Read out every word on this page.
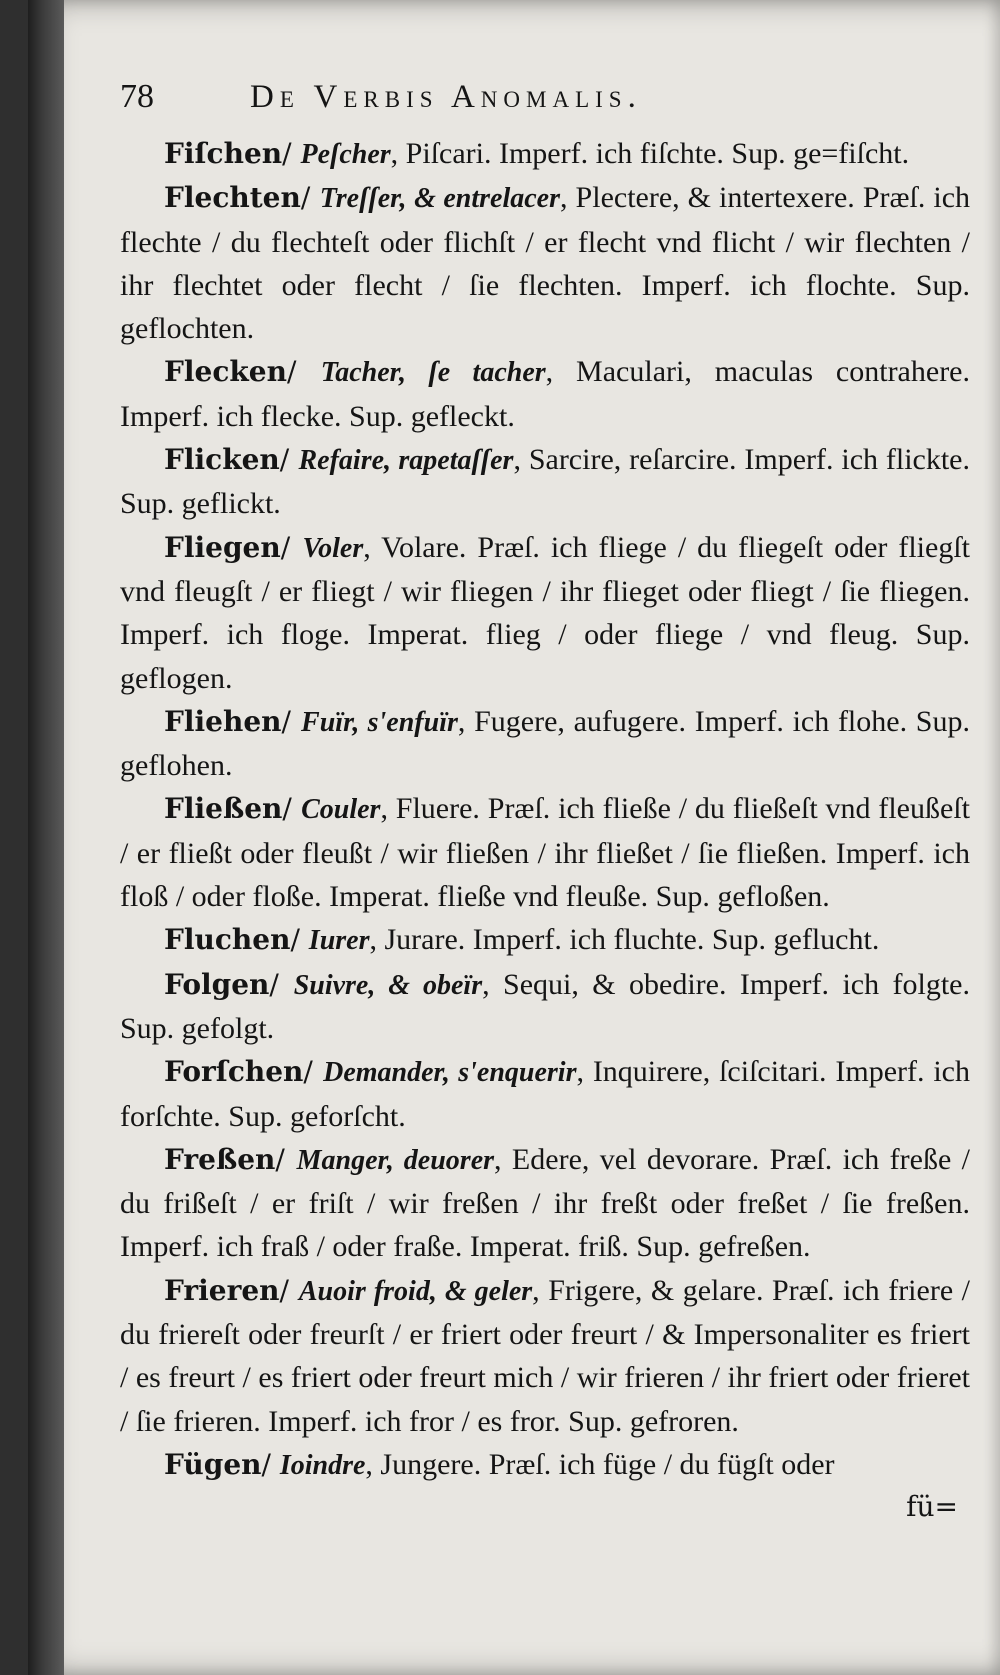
78	De Verbis Anomalis.

Fiſchen/ Peſcher, Piſcari. Imperf. ich fiſchte. Sup. ge=fiſcht.

Flechten/ Treſſer, & entrelacer, Plectere, & intertexere. Præſ. ich flechte / du flechteſt oder flichſt / er flecht vnd flicht / wir flechten / ihr flechtet oder flecht / ſie flechten. Imperf. ich flochte. Sup. geflochten.

Flecken/ Tacher, ſe tacher, Maculari, maculas contrahere. Imperf. ich flecke. Sup. gefleckt.

Flicken/ Refaire, rapetaſſer, Sarcire, reſarcire. Imperf. ich flickte. Sup. geflickt.

Fliegen/ Voler, Volare. Præſ. ich fliege / du fliegeſt oder fliegſt vnd fleugſt / er fliegt / wir fliegen / ihr flieget oder fliegt / ſie fliegen. Imperf. ich floge. Imperat. flieg / oder fliege / vnd fleug. Sup. geflogen.

Fliehen/ Fuïr, s'enfuïr, Fugere, aufugere. Imperf. ich flohe. Sup. geflohen.

Fließen/ Couler, Fluere. Præſ. ich fließe / du fließeſt vnd fleußeſt / er fließt oder fleußt / wir fließen / ihr fließet / ſie fließen. Imperf. ich floß / oder floße. Imperat. fließe vnd fleuße. Sup. gefloßen.

Fluchen/ Iurer, Jurare. Imperf. ich fluchte. Sup. geflucht.

Folgen/ Suivre, & obeïr, Sequi, & obedire. Imperf. ich folgte. Sup. gefolgt.

Forſchen/ Demander, s'enquerir, Inquirere, ſciſcitari. Imperf. ich forſchte. Sup. geforſcht.

Freßen/ Manger, deuorer, Edere, vel devorare. Præſ. ich freße / du frißeſt / er friſt / wir freßen / ihr freßt oder freßet / ſie freßen. Imperf. ich fraß / oder fraße. Imperat. friß. Sup. gefreßen.

Frieren/ Auoir froid, & geler, Frigere, & gelare. Præſ. ich friere / du friereſt oder freurſt / er friert oder freurt / & Impersonaliter es friert / es freurt / es friert oder freurt mich / wir frieren / ihr friert oder frieret / ſie frieren. Imperf. ich fror / es fror. Sup. gefroren.

Fügen/ Ioindre, Jungere. Præſ. ich füge / du fügſt oder

fü=
